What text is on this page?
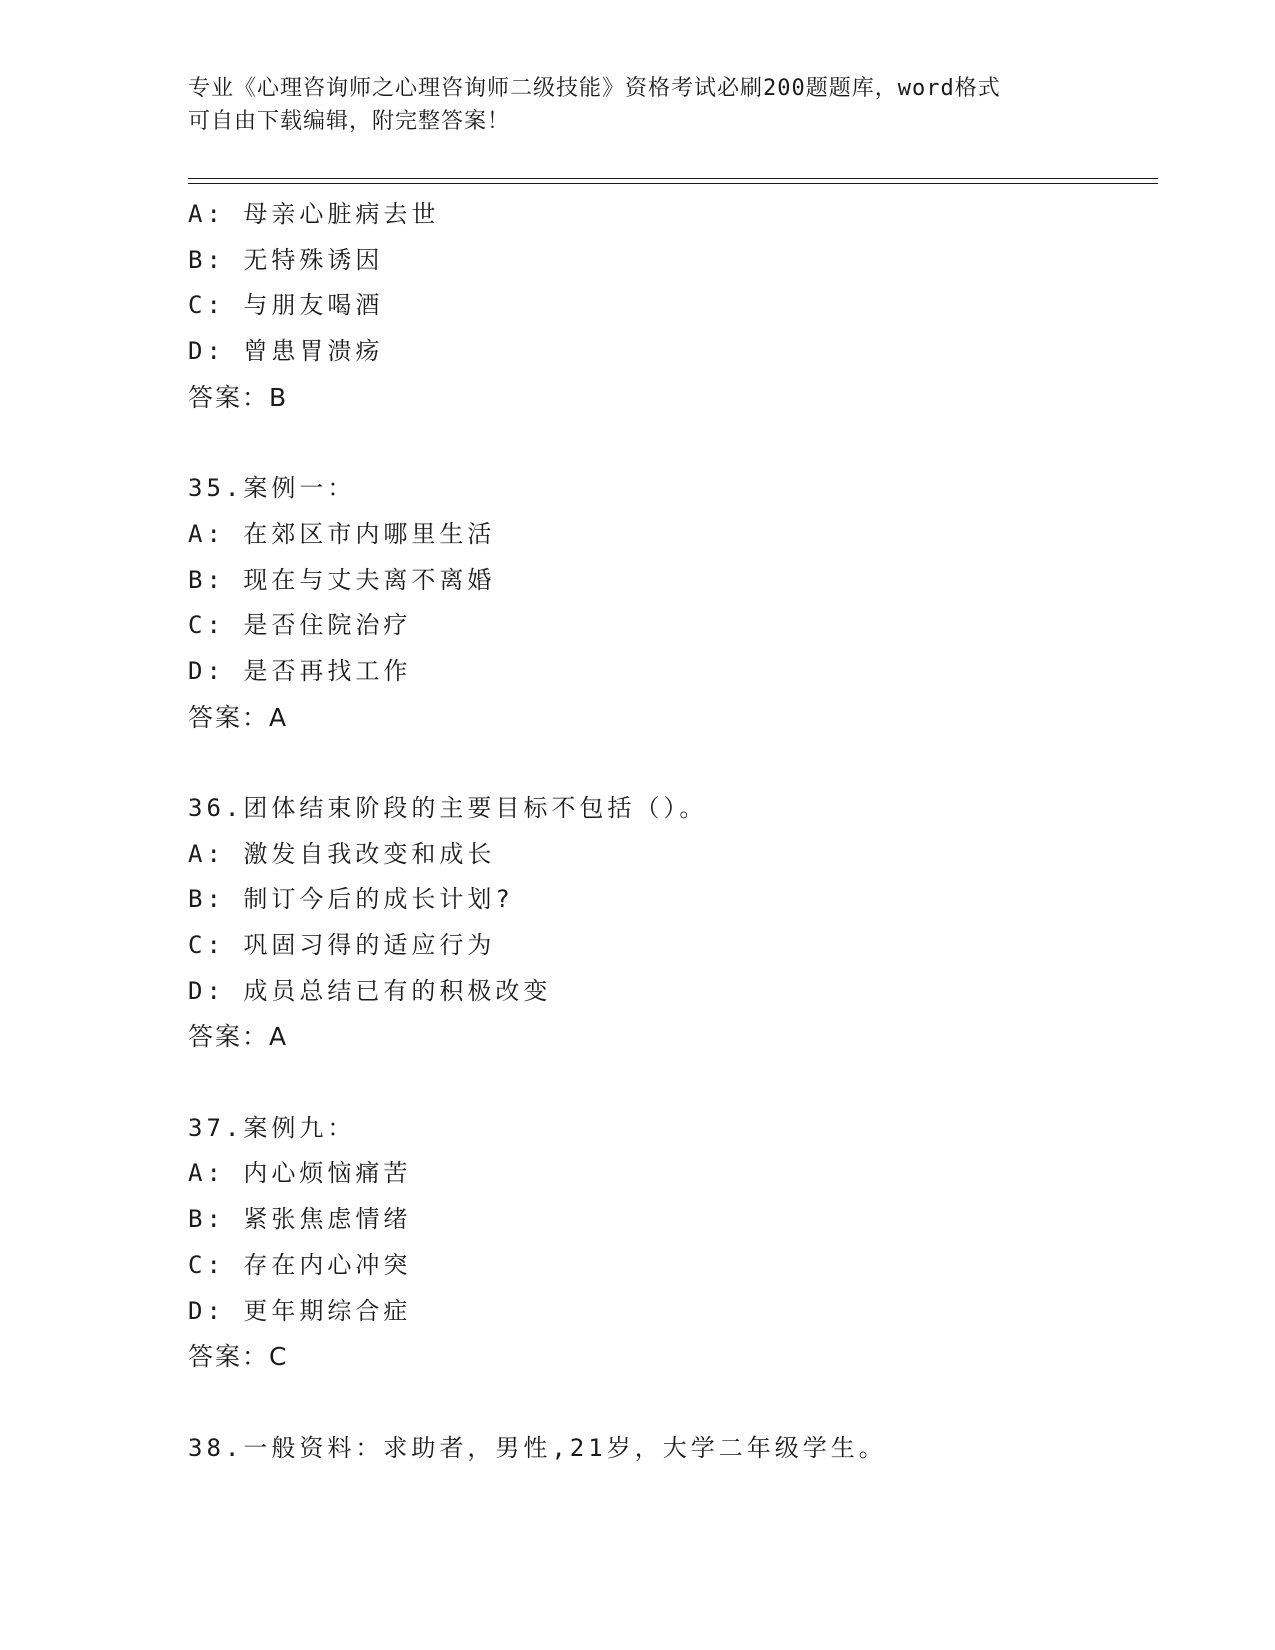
专业《心理咨询师之心理咨询师二级技能》资格考试必刷200题题库，word格式
可自由下载编辑，附完整答案！
A: 母亲心脏病去世
B: 无特殊诱因
C: 与朋友喝酒
D: 曾患胃溃疡
答案：B
35.案例一：
A: 在郊区市内哪里生活
B: 现在与丈夫离不离婚
C: 是否住院治疗
D: 是否再找工作
答案：A
36.团体结束阶段的主要目标不包括（）。
A: 激发自我改变和成长
B: 制订今后的成长计划?
C: 巩固习得的适应行为
D: 成员总结已有的积极改变
答案：A
37.案例九：
A: 内心烦恼痛苦
B: 紧张焦虑情绪
C: 存在内心冲突
D: 更年期综合症
答案：C
38.一般资料：求助者，男性,21岁，大学二年级学生。
